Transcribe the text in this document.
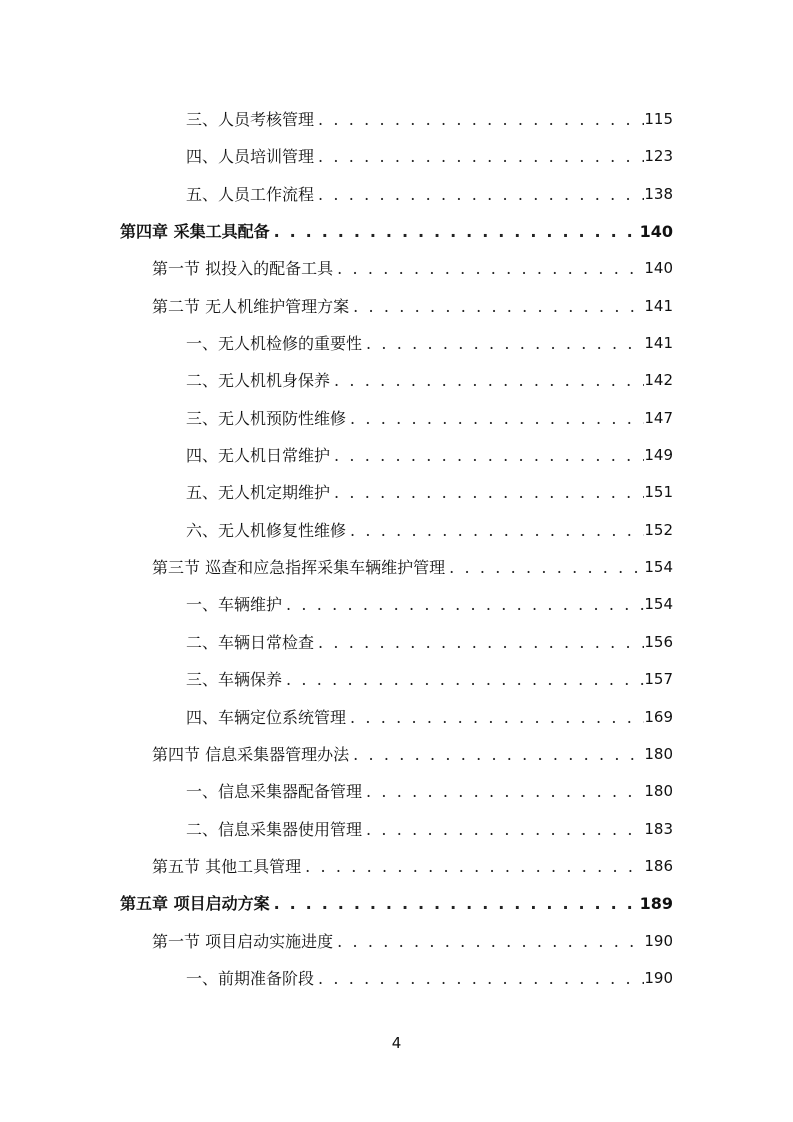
三、人员考核管理 . . .	115
四、人员培训管理 . . .	123
五、人员工作流程 . . .	138
第四章 采集工具配备 . . .	140
第一节 拟投入的配备工具 . . .	140
第二节 无人机维护管理方案 . . .	141
一、无人机检修的重要性 . . .	141
二、无人机机身保养 . . .	142
三、无人机预防性维修 . . .	147
四、无人机日常维护 . . .	149
五、无人机定期维护 . . .	151
六、无人机修复性维修 . . .	152
第三节 巡查和应急指挥采集车辆维护管理 . . .	154
一、车辆维护 . . .	154
二、车辆日常检查 . . .	156
三、车辆保养 . . .	157
四、车辆定位系统管理 . . .	169
第四节 信息采集器管理办法 . . .	180
一、信息采集器配备管理 . . .	180
二、信息采集器使用管理 . . .	183
第五节 其他工具管理 . . .	186
第五章 项目启动方案 . . .	189
第一节 项目启动实施进度 . . .	190
一、前期准备阶段 . . .	190
4
